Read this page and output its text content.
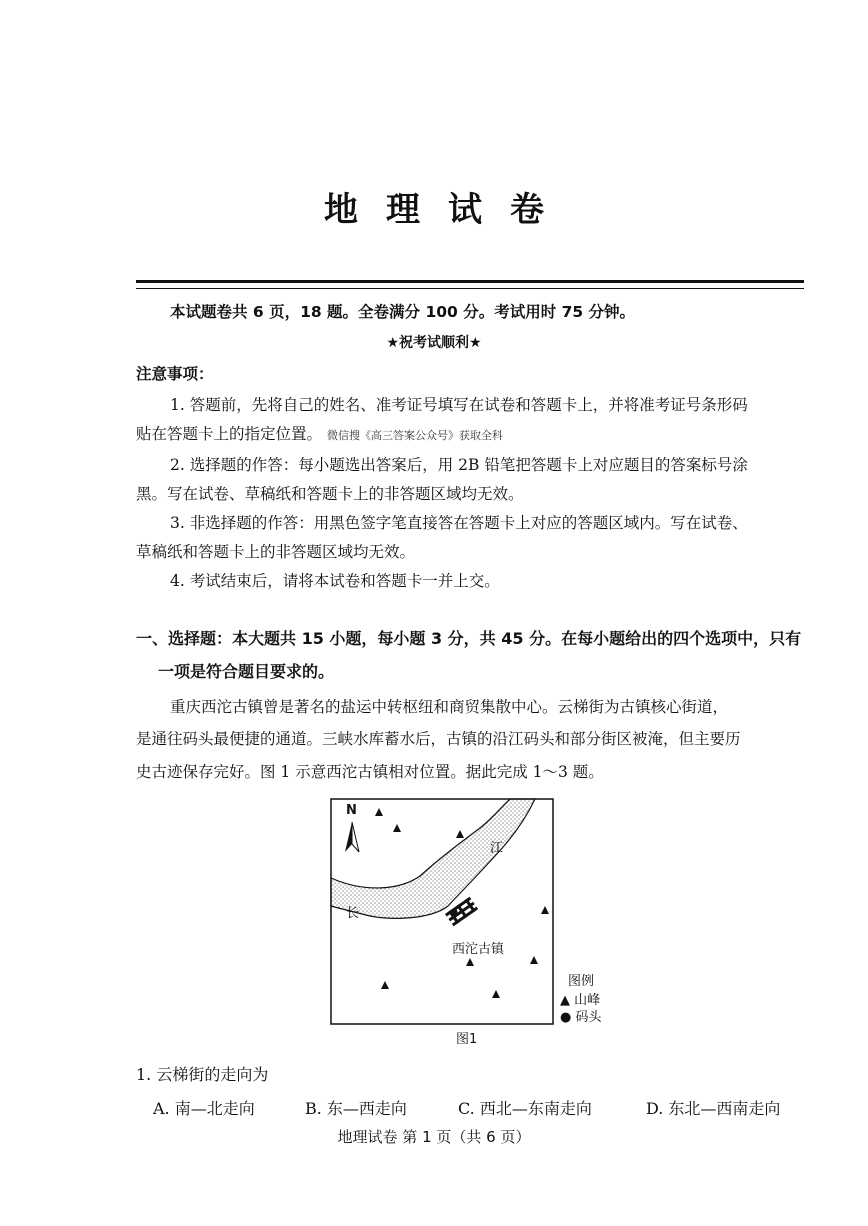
地理试卷
本试题卷共 6 页，18 题。全卷满分 100 分。考试用时 75 分钟。
★祝考试顺利★
注意事项：
1. 答题前，先将自己的姓名、准考证号填写在试卷和答题卡上，并将准考证号条形码
贴在答题卡上的指定位置。 微信搜《高三答案公众号》获取全科
2. 选择题的作答：每小题选出答案后，用 2B 铅笔把答题卡上对应题目的答案标号涂
黑。写在试卷、草稿纸和答题卡上的非答题区域均无效。
3. 非选择题的作答：用黑色签字笔直接答在答题卡上对应的答题区域内。写在试卷、
草稿纸和答题卡上的非答题区域均无效。
4. 考试结束后，请将本试卷和答题卡一并上交。
一、选择题：本大题共 15 小题，每小题 3 分，共 45 分。在每小题给出的四个选项中，只有
一项是符合题目要求的。
重庆西沱古镇曾是著名的盐运中转枢纽和商贸集散中心。云梯街为古镇核心街道，
是通往码头最便捷的通道。三峡水库蓄水后，古镇的沿江码头和部分街区被淹，但主要历
史古迹保存完好。图 1 示意西沱古镇相对位置。据此完成 1～3 题。
N
长
江
西沱古镇
图例
▲ 山峰
● 码头
图1
1. 云梯街的走向为
A. 南—北走向	B. 东—西走向	C. 西北—东南走向	D. 东北—西南走向
地理试卷 第 1 页（共 6 页）
